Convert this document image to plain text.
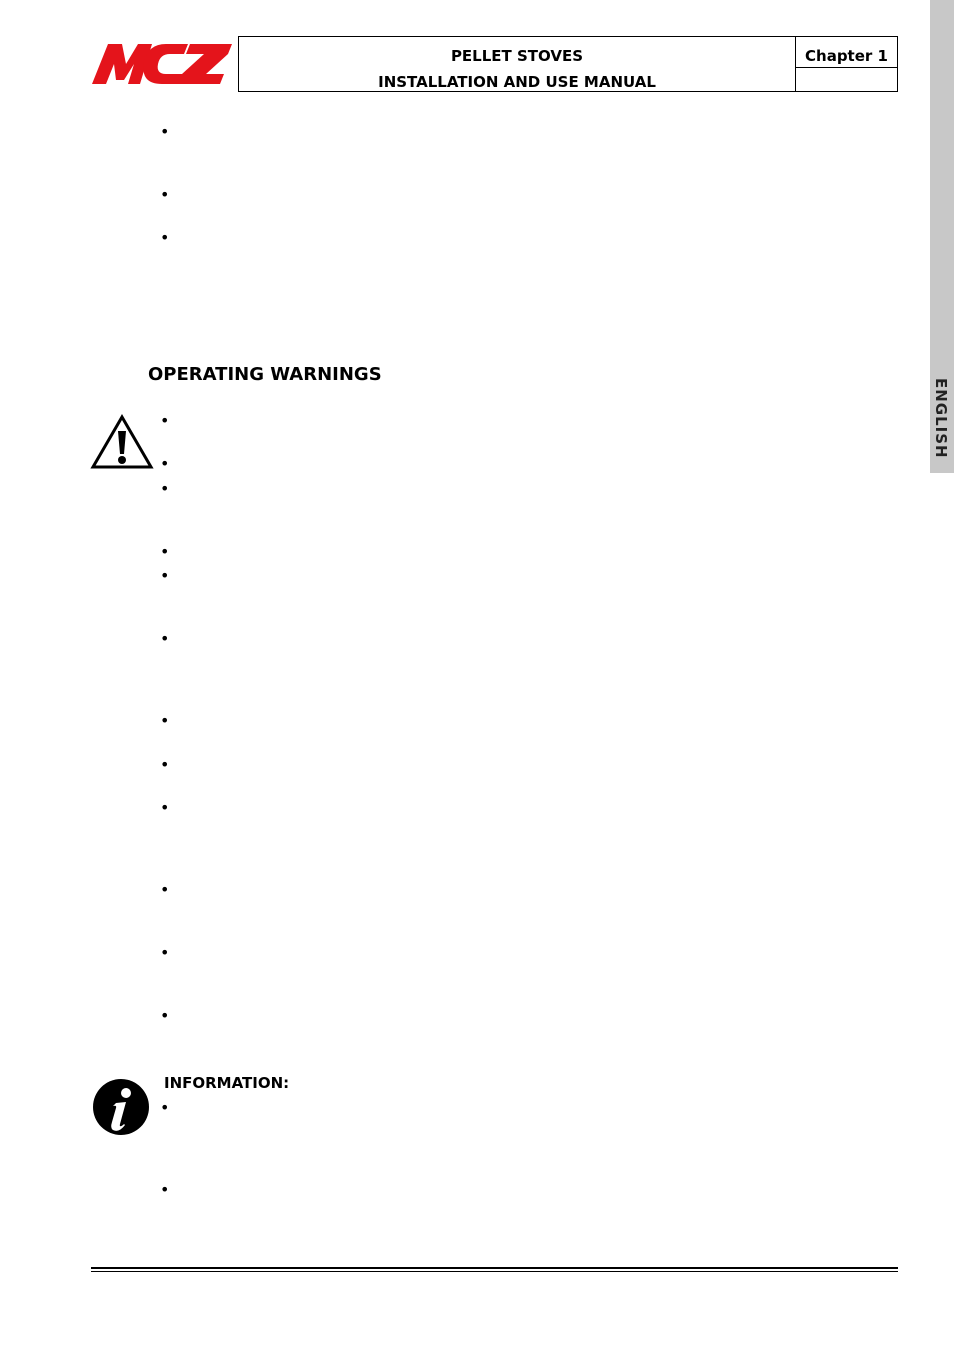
PELLET STOVES
INSTALLATION AND USE MANUAL
Chapter 1
ENGLISH
•
•
•
OPERATING WARNINGS
•
•
•
•
•
•
•
•
•
•
•
•
INFORMATION:
•
•
